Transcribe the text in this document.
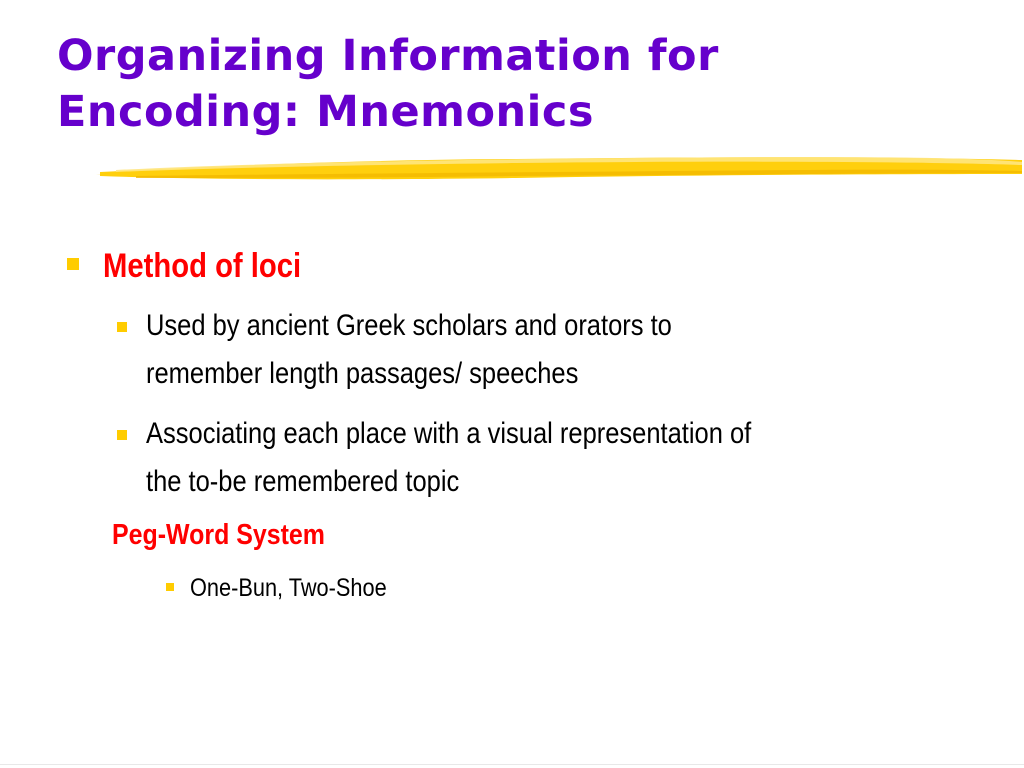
Organizing Information for
Encoding: Mnemonics
Method of loci
Used by ancient Greek scholars and orators to
remember length passages/ speeches
Associating each place with a visual representation of
the to-be remembered topic
Peg-Word System
One-Bun, Two-Shoe
